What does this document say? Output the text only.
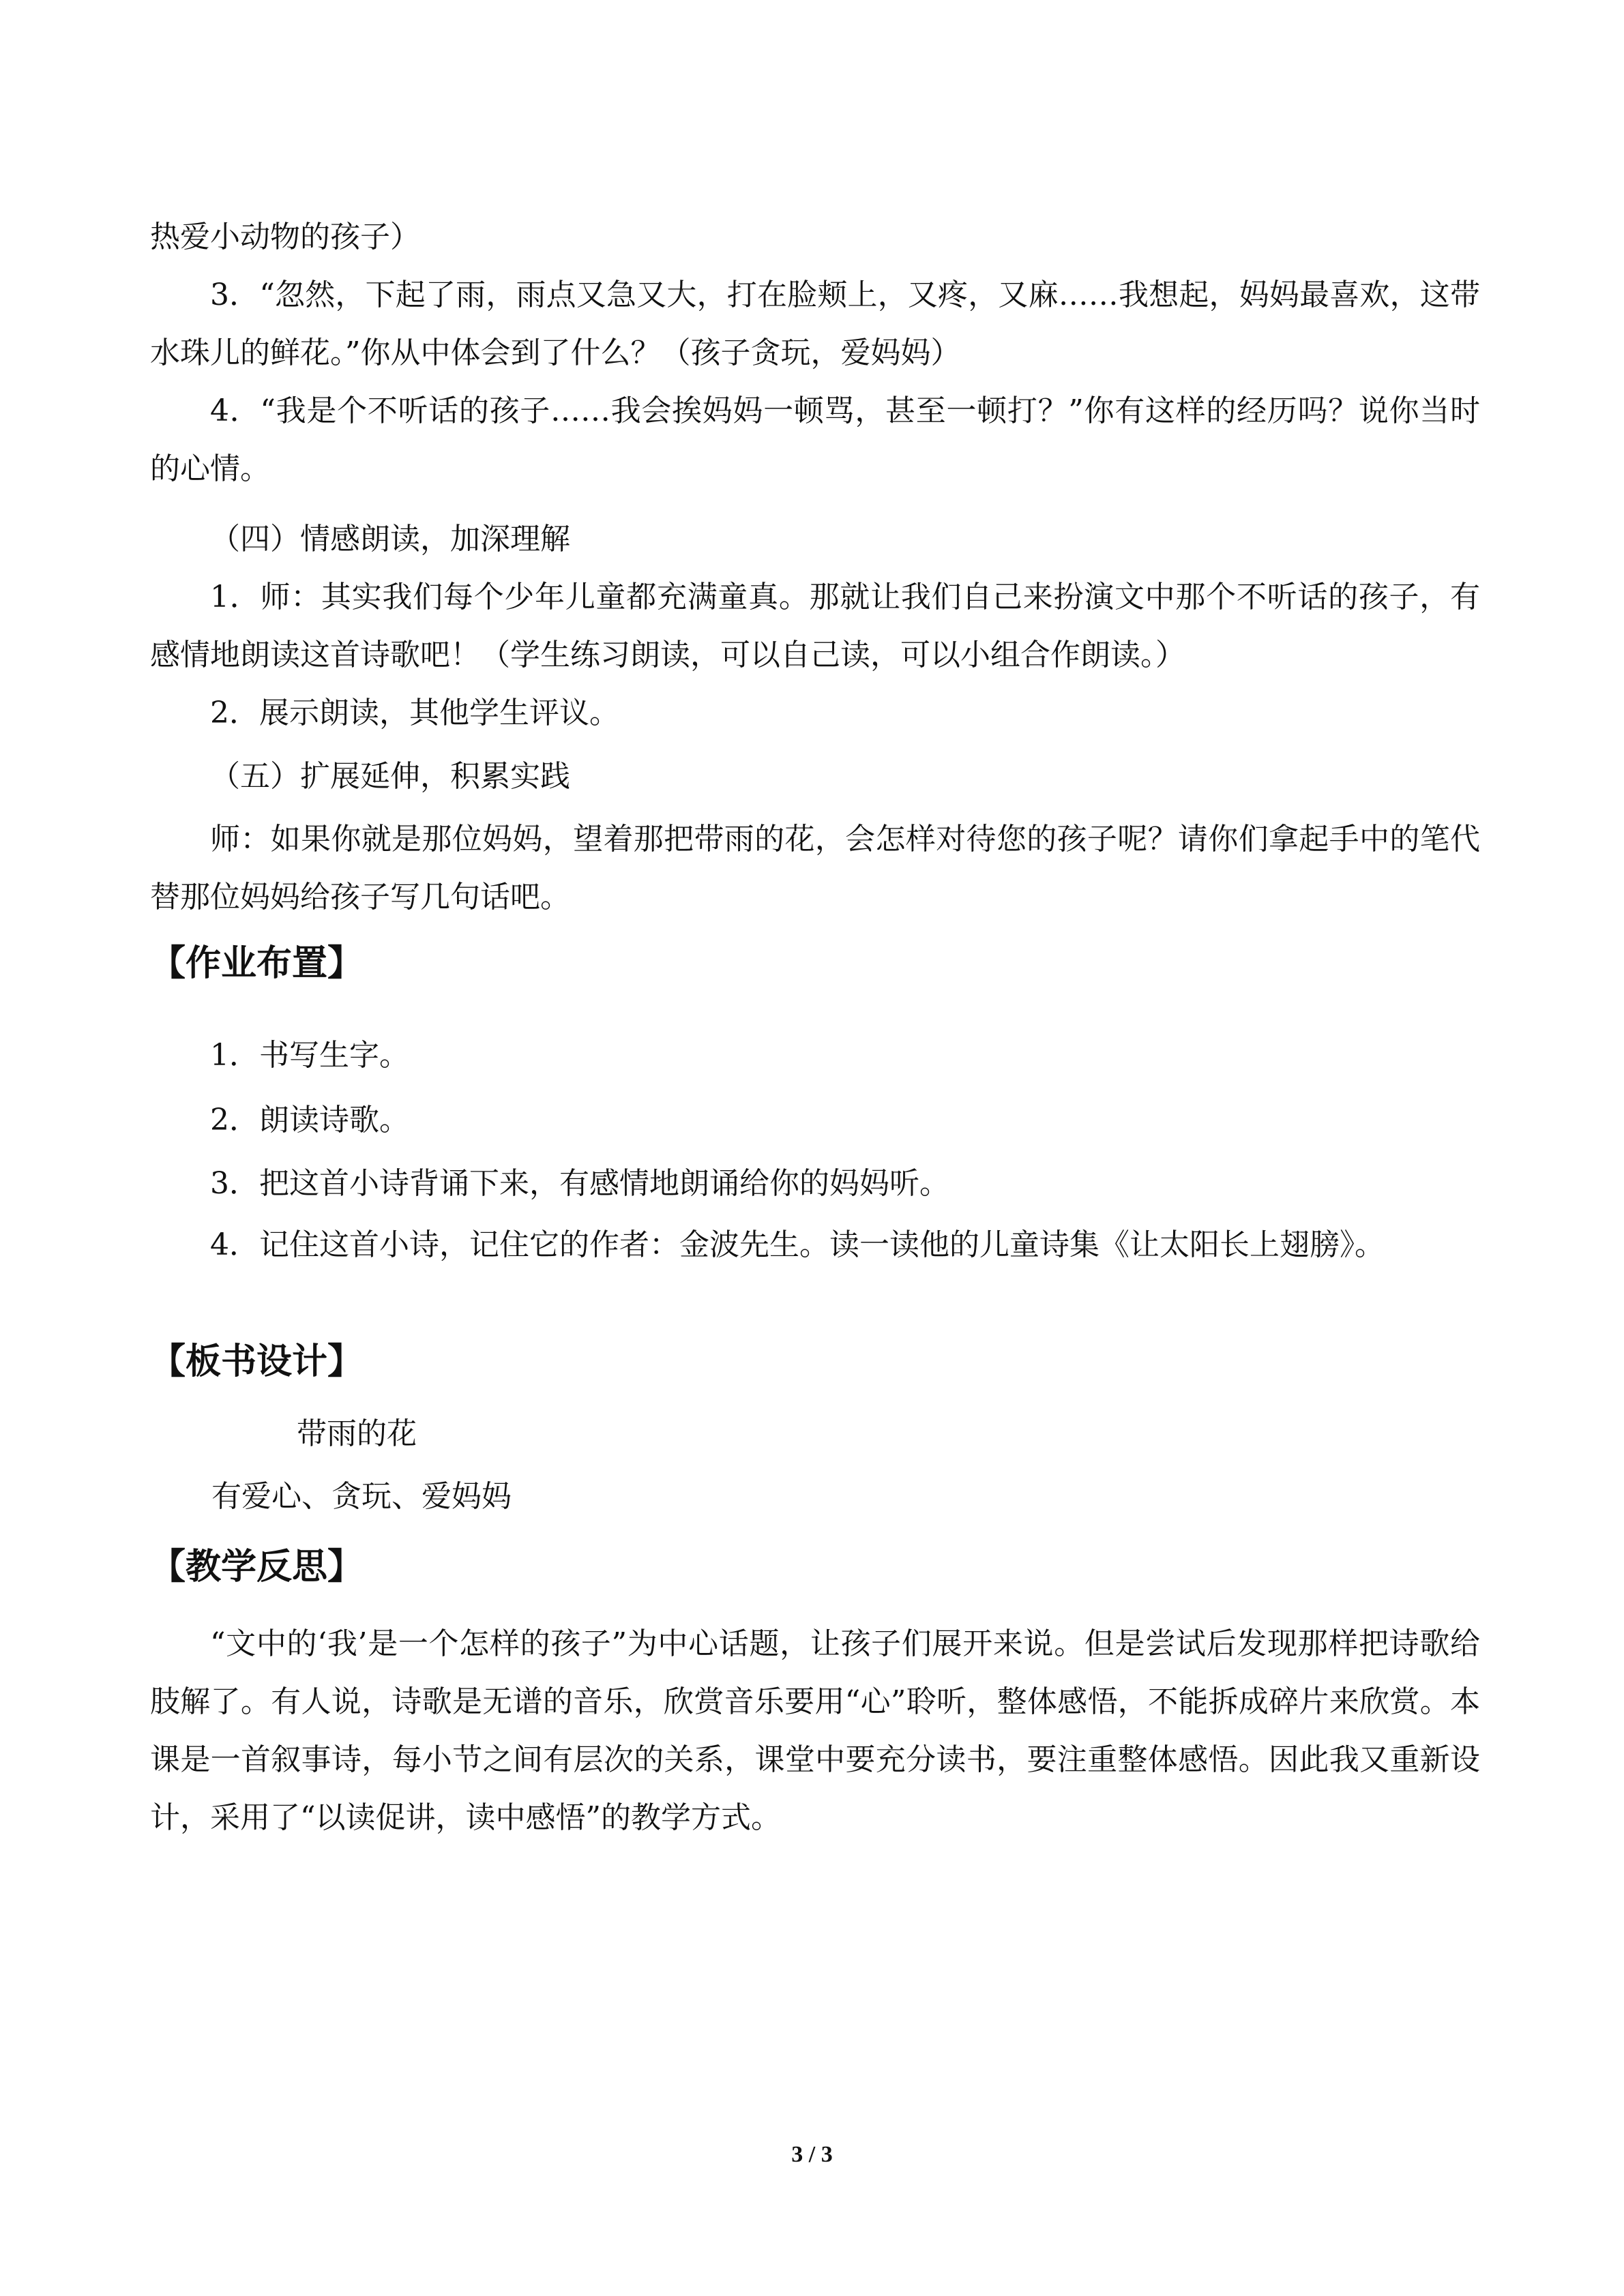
热爱小动物的孩子）

3．“忽然，下起了雨，雨点又急又大，打在脸颊上，又疼，又麻……我想起，妈妈最喜欢，这带水珠儿的鲜花。”你从中体会到了什么？（孩子贪玩，爱妈妈）

4．“我是个不听话的孩子……我会挨妈妈一顿骂，甚至一顿打？”你有这样的经历吗？说你当时的心情。

（四）情感朗读，加深理解

1．师：其实我们每个少年儿童都充满童真。那就让我们自己来扮演文中那个不听话的孩子，有感情地朗读这首诗歌吧！（学生练习朗读，可以自己读，可以小组合作朗读。）

2．展示朗读，其他学生评议。

（五）扩展延伸，积累实践

师：如果你就是那位妈妈，望着那把带雨的花，会怎样对待您的孩子呢？请你们拿起手中的笔代替那位妈妈给孩子写几句话吧。

【作业布置】

1．书写生字。

2．朗读诗歌。

3．把这首小诗背诵下来，有感情地朗诵给你的妈妈听。

4．记住这首小诗，记住它的作者：金波先生。读一读他的儿童诗集《让太阳长上翅膀》。

【板书设计】

带雨的花

有爱心、贪玩、爱妈妈

【教学反思】

“文中的‘我’是一个怎样的孩子”为中心话题，让孩子们展开来说。但是尝试后发现那样把诗歌给肢解了。有人说，诗歌是无谱的音乐，欣赏音乐要用“心”聆听，整体感悟，不能拆成碎片来欣赏。本课是一首叙事诗，每小节之间有层次的关系，课堂中要充分读书，要注重整体感悟。因此我又重新设计，采用了“以读促讲，读中感悟”的教学方式。

3 / 3
